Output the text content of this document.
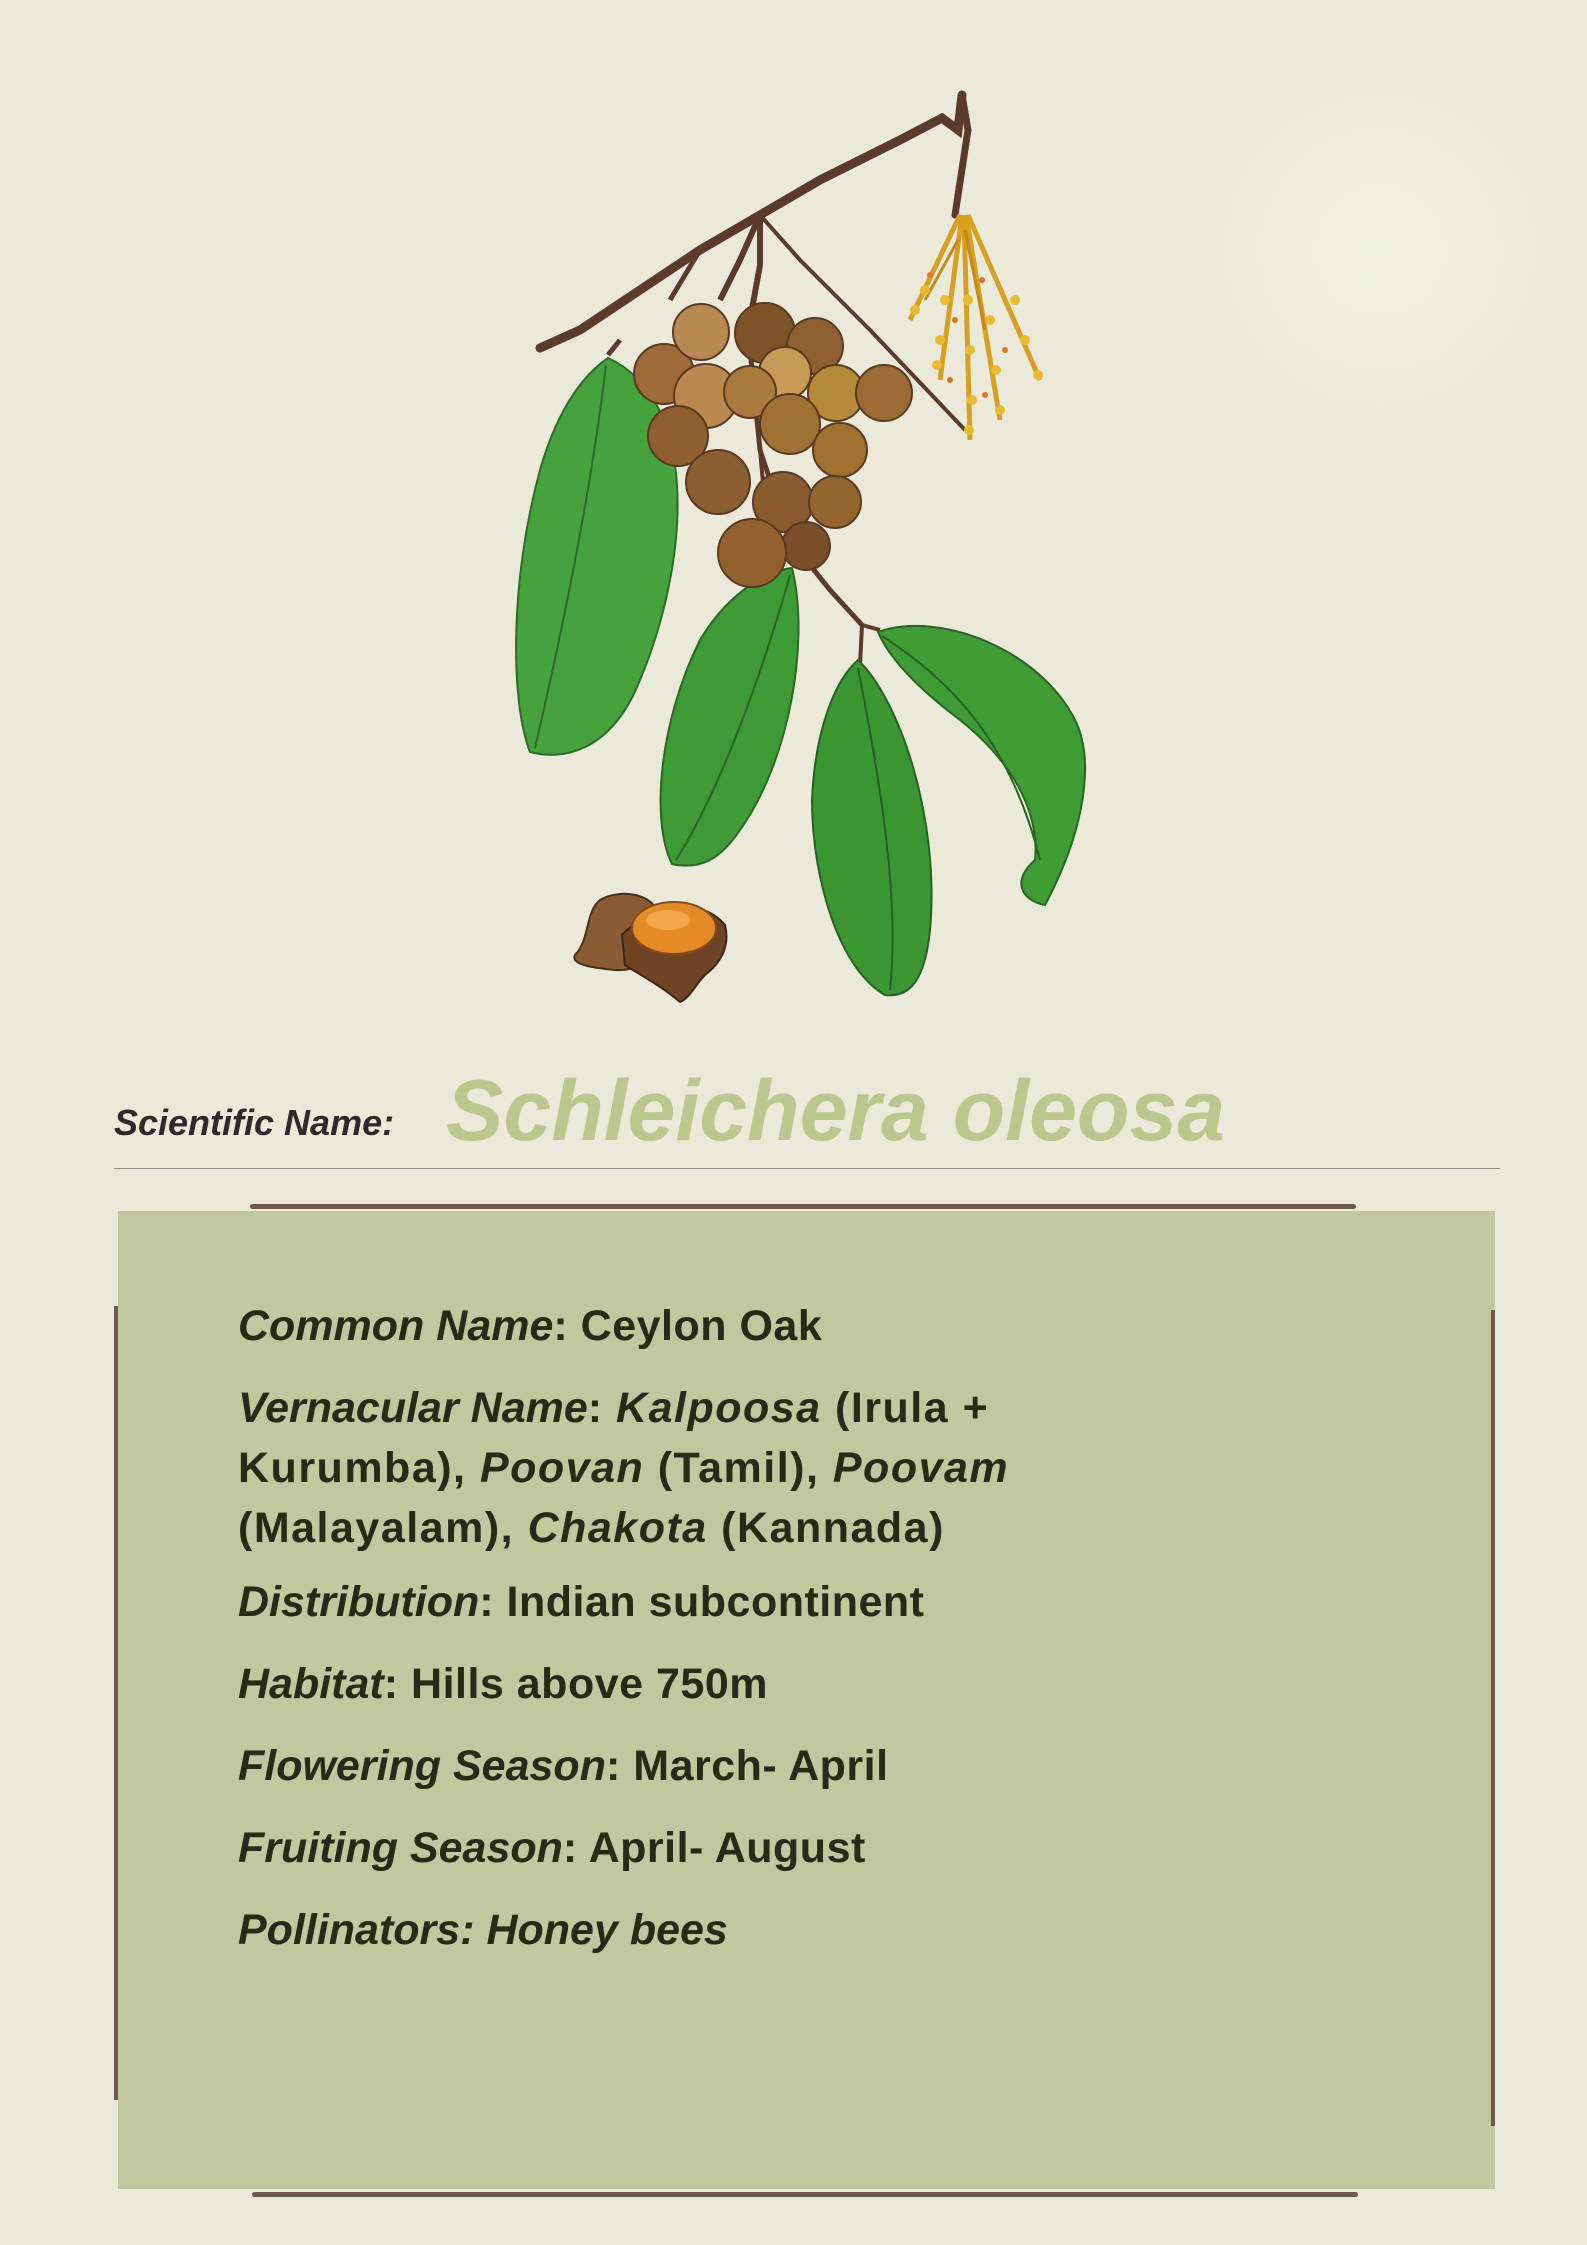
Scientific Name: Schleichera oleosa
Common Name: Ceylon Oak
Vernacular Name: Kalpoosa (Irula + Kurumba), Poovan (Tamil), Poovam (Malayalam), Chakota (Kannada)
Distribution: Indian subcontinent
Habitat: Hills above 750m
Flowering Season: March- April
Fruiting Season: April- August
Pollinators: Honey bees
